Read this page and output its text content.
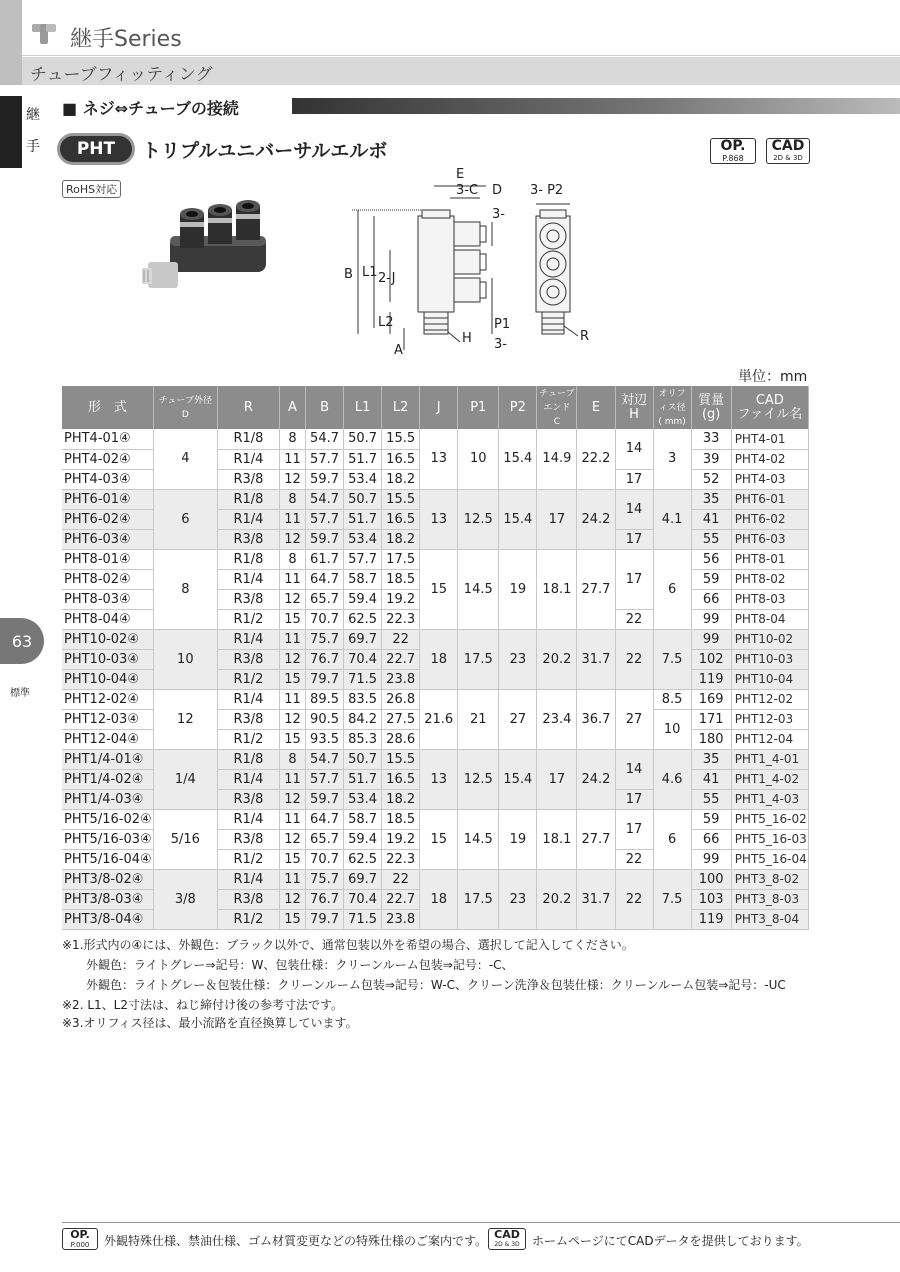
継手Series
チューブフィッティング
継
手
63
標準
■ ネジ⇔チューブの接続
PHT	トリプルユニバーサルエルボ	OP.
P.868
CAD
2D & 3D
RoHS対応
E
3-C D
3-
3- P2
B L1 2-J
L2
A
H
P1
3-
R
単位：mm
形　式	チューブ外径
D	R	A	B	L1	L2	J	P1	P2	チューブエンド
C	E	対辺
H	オリフィス径
( mm)	質量
(g)	CAD
ファイル名
PHT4-01④	4	R1/8	8	54.7	50.7	15.5	13	10	15.4	14.9	22.2	14	3	33	PHT4-01
PHT4-02④		R1/4	11	57.7	51.7	16.5								39	PHT4-02
PHT4-03④		R3/8	12	59.7	53.4	18.2						17		52	PHT4-03
PHT6-01④	6	R1/8	8	54.7	50.7	15.5	13	12.5	15.4	17	24.2	14	4.1	35	PHT6-01
PHT6-02④		R1/4	11	57.7	51.7	16.5								41	PHT6-02
PHT6-03④		R3/8	12	59.7	53.4	18.2						17		55	PHT6-03
PHT8-01④	8	R1/8	8	61.7	57.7	17.5	15	14.5	19	18.1	27.7	17	6	56	PHT8-01
PHT8-02④		R1/4	11	64.7	58.7	18.5								59	PHT8-02
PHT8-03④		R3/8	12	65.7	59.4	19.2								66	PHT8-03
PHT8-04④		R1/2	15	70.7	62.5	22.3						22		99	PHT8-04
PHT10-02④	10	R1/4	11	75.7	69.7	22	18	17.5	23	20.2	31.7	22	7.5	99	PHT10-02
PHT10-03④		R3/8	12	76.7	70.4	22.7								102	PHT10-03
PHT10-04④		R1/2	15	79.7	71.5	23.8								119	PHT10-04
PHT12-02④	12	R1/4	11	89.5	83.5	26.8	21.6	21	27	23.4	36.7	27	8.5	169	PHT12-02
PHT12-03④		R3/8	12	90.5	84.2	27.5							10	171	PHT12-03
PHT12-04④		R1/2	15	93.5	85.3	28.6								180	PHT12-04
PHT1/4-01④	1/4	R1/8	8	54.7	50.7	15.5	13	12.5	15.4	17	24.2	14	4.6	35	PHT1_4-01
PHT1/4-02④		R1/4	11	57.7	51.7	16.5								41	PHT1_4-02
PHT1/4-03④		R3/8	12	59.7	53.4	18.2						17		55	PHT1_4-03
PHT5/16-02④	5/16	R1/4	11	64.7	58.7	18.5	15	14.5	19	18.1	27.7	17	6	59	PHT5_16-02
PHT5/16-03④		R3/8	12	65.7	59.4	19.2								66	PHT5_16-03
PHT5/16-04④		R1/2	15	70.7	62.5	22.3						22		99	PHT5_16-04
PHT3/8-02④	3/8	R1/4	11	75.7	69.7	22	18	17.5	23	20.2	31.7	22	7.5	100	PHT3_8-02
PHT3/8-03④		R3/8	12	76.7	70.4	22.7								103	PHT3_8-03
PHT3/8-04④		R1/2	15	79.7	71.5	23.8								119	PHT3_8-04
※1.形式内の④には、外観色：ブラック以外で、通常包装以外を希望の場合、選択して記入してください。
外観色：ライトグレー⇒記号：W、包装仕様：クリーンルーム包装⇒記号：-C、
外観色：ライトグレー＆包装仕様：クリーンルーム包装⇒記号：W-C、クリーン洗浄＆包装仕様：クリーンルーム包装⇒記号：-UC
※2. L1、L2寸法は、ねじ締付け後の参考寸法です。
※3.オリフィス径は、最小流路を直径換算しています。
OP.
P.000	外観特殊仕様、禁油仕様、ゴム材質変更などの特殊仕様のご案内です。 CAD
2D & 3D	ホームページにてCADデータを提供しております。
